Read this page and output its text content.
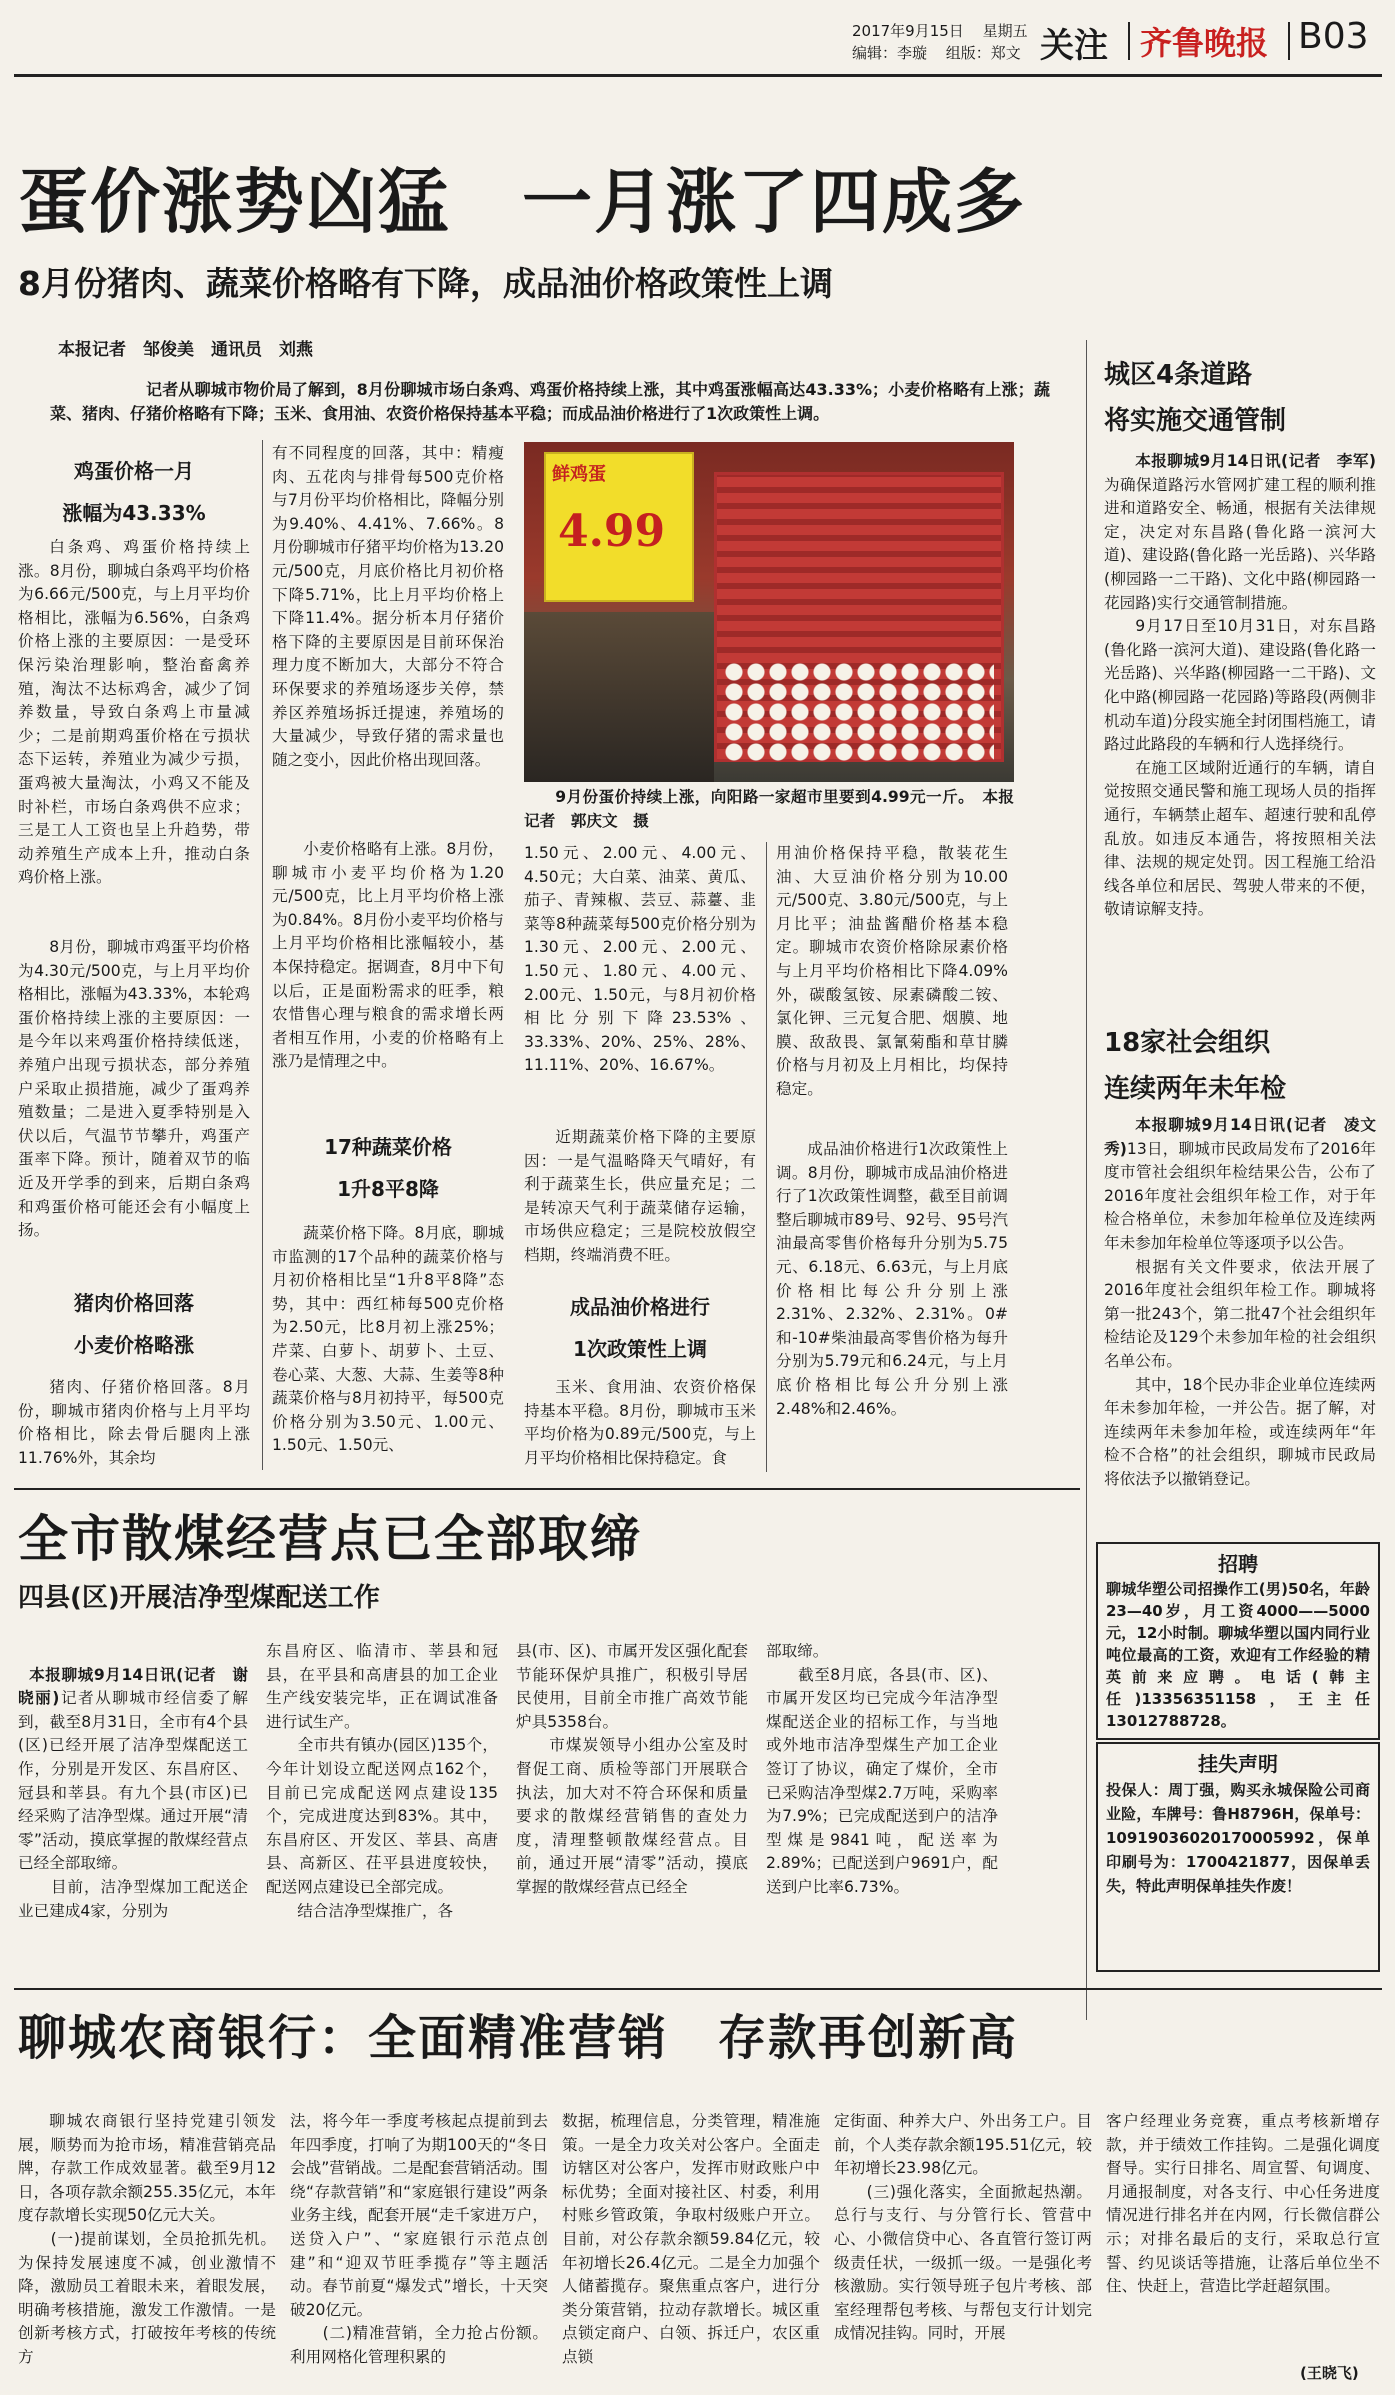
2017年9月15日 星期五
编辑：李璇 组版：郑文 关注 齐鲁晚报 B03
蛋价涨势凶猛　一月涨了四成多
8月份猪肉、蔬菜价格略有下降，成品油价格政策性上调
本报记者　邹俊美　通讯员　刘燕
记者从聊城市物价局了解到，8月份聊城市场白条鸡、鸡蛋价格持续上涨，其中鸡蛋涨幅高达43.33%；小麦价格略有上涨；蔬菜、猪肉、仔猪价格略有下降；玉米、食用油、农资价格保持基本平稳；而成品油价格进行了1次政策性上调。
鸡蛋价格一月
涨幅为43.33%
白条鸡、鸡蛋价格持续上涨。8月份，聊城白条鸡平均价格为6.66元/500克，与上月平均价格相比，涨幅为6.56%，白条鸡价格上涨的主要原因：一是受环保污染治理影响，整治畜禽养殖，淘汰不达标鸡舍，减少了饲养数量，导致白条鸡上市量减少；二是前期鸡蛋价格在亏损状态下运转，养殖业为减少亏损，蛋鸡被大量淘汰，小鸡又不能及时补栏，市场白条鸡供不应求；三是工人工资也呈上升趋势，带动养殖生产成本上升，推动白条鸡价格上涨。
8月份，聊城市鸡蛋平均价格为4.30元/500克，与上月平均价格相比，涨幅为43.33%，本轮鸡蛋价格持续上涨的主要原因：一是今年以来鸡蛋价格持续低迷，养殖户出现亏损状态，部分养殖户采取止损措施，减少了蛋鸡养殖数量；二是进入夏季特别是入伏以后，气温节节攀升，鸡蛋产蛋率下降。预计，随着双节的临近及开学季的到来，后期白条鸡和鸡蛋价格可能还会有小幅度上扬。
猪肉价格回落
小麦价格略涨
猪肉、仔猪价格回落。8月份，聊城市猪肉价格与上月平均价格相比，除去骨后腿肉上涨11.76%外，其余均
有不同程度的回落，其中：精瘦肉、五花肉与排骨每500克价格与7月份平均价格相比，降幅分别为9.40%、4.41%、7.66%。8月份聊城市仔猪平均价格为13.20元/500克，月底价格比月初价格下降5.71%，比上月平均价格上下降11.4%。据分析本月仔猪价格下降的主要原因是目前环保治理力度不断加大，大部分不符合环保要求的养殖场逐步关停，禁养区养殖场拆迁提速，养殖场的大量减少，导致仔猪的需求量也随之变小，因此价格出现回落。
小麦价格略有上涨。8月份，聊城市小麦平均价格为1.20元/500克，比上月平均价格上涨为0.84%。8月份小麦平均价格与上月平均价格相比涨幅较小，基本保持稳定。据调查，8月中下旬以后，正是面粉需求的旺季，粮农惜售心理与粮食的需求增长两者相互作用，小麦的价格略有上涨乃是情理之中。
17种蔬菜价格
1升8平8降
蔬菜价格下降。8月底，聊城市监测的17个品种的蔬菜价格与月初价格相比呈“1升8平8降”态势，其中：西红柿每500克价格为2.50元，比8月初上涨25%；芹菜、白萝卜、胡萝卜、土豆、卷心菜、大葱、大蒜、生姜等8种蔬菜价格与8月初持平，每500克价格分别为3.50元、1.00元、1.50元、1.50元、
鲜鸡蛋
4.99
9月份蛋价持续上涨，向阳路一家超市里要到4.99元一斤。　本报记者　郭庆文　摄
1.50元、2.00元、4.00元、4.50元；大白菜、油菜、黄瓜、茄子、青辣椒、芸豆、蒜薹、韭菜等8种蔬菜每500克价格分别为1.30元、2.00元、2.00元、1.50元、1.80元、4.00元、2.00元、1.50元，与8月初价格相比分别下降23.53%、33.33%、20%、25%、28%、11.11%、20%、16.67%。
近期蔬菜价格下降的主要原因：一是气温略降天气晴好，有利于蔬菜生长，供应量充足；二是转凉天气利于蔬菜储存运输，市场供应稳定；三是院校放假空档期，终端消费不旺。
成品油价格进行
1次政策性上调
玉米、食用油、农资价格保持基本平稳。8月份，聊城市玉米平均价格为0.89元/500克，与上月平均价格相比保持稳定。食
用油价格保持平稳，散装花生油、大豆油价格分别为10.00元/500克、3.80元/500克，与上月比平；油盐酱醋价格基本稳定。聊城市农资价格除尿素价格与上月平均价格相比下降4.09%外，碳酸氢铵、尿素磷酸二铵、氯化钾、三元复合肥、烟膜、地膜、敌敌畏、氯氰菊酯和草甘膦价格与月初及上月相比，均保持稳定。
成品油价格进行1次政策性上调。8月份，聊城市成品油价格进行了1次政策性调整，截至目前调整后聊城市89号、92号、95号汽油最高零售价格每升分别为5.75元、6.18元、6.63元，与上月底价格相比每公升分别上涨2.31%、2.32%、2.31%。0#和-10#柴油最高零售价格为每升分别为5.79元和6.24元，与上月底价格相比每公升分别上涨2.48%和2.46%。
城区4条道路
将实施交通管制

本报聊城9月14日讯(记者　李军)为确保道路污水管网扩建工程的顺利推进和道路安全、畅通，根据有关法律规定，决定对东昌路(鲁化路一滨河大道)、建设路(鲁化路一光岳路)、兴华路(柳园路一二干路)、文化中路(柳园路一花园路)实行交通管制措施。

9月17日至10月31日，对东昌路(鲁化路一滨河大道)、建设路(鲁化路一光岳路)、兴华路(柳园路一二干路)、文化中路(柳园路一花园路)等路段(两侧非机动车道)分段实施全封闭围档施工，请路过此路段的车辆和行人选择绕行。

在施工区域附近通行的车辆，请自觉按照交通民警和施工现场人员的指挥通行，车辆禁止超车、超速行驶和乱停乱放。如违反本通告，将按照相关法律、法规的规定处罚。因工程施工给沿线各单位和居民、驾驶人带来的不便，敬请谅解支持。

18家社会组织
连续两年未年检

本报聊城9月14日讯(记者　凌文秀)13日，聊城市民政局发布了2016年度市管社会组织年检结果公告，公布了2016年度社会组织年检工作，对于年检合格单位，未参加年检单位及连续两年未参加年检单位等逐项予以公告。

根据有关文件要求，依法开展了2016年度社会组织年检工作。聊城将第一批243个，第二批47个社会组织年检结论及129个未参加年检的社会组织名单公布。

其中，18个民办非企业单位连续两年未参加年检，一并公告。据了解，对连续两年未参加年检，或连续两年“年检不合格”的社会组织，聊城市民政局将依法予以撤销登记。

招聘
聊城华塑公司招操作工(男)50名，年龄23—40岁，月工资4000——5000元，12小时制。聊城华塑以国内同行业吨位最高的工资，欢迎有工作经验的精英前来应聘。电话(韩主任)13356351158，王主任13012788728。
挂失声明
投保人：周丁强，购买永城保险公司商业险，车牌号：鲁H8796H，保单号：109190360201700059​92，保单印刷号为：1700421877，因保单丢失，特此声明保单挂失作废！
全市散煤经营点已全部取缔
四县(区)开展洁净型煤配送工作

本报聊城9月14日讯(记者　谢晓丽)记者从聊城市经信委了解到，截至8月31日，全市有4个县(区)已经开展了洁净型煤配送工作，分别是开发区、东昌府区、冠县和莘县。有九个县(市区)已经采购了洁净型煤。通过开展“清零”活动，摸底掌握的散煤经营点已经全部取缔。
　　目前，洁净型煤加工配送企业已建成4家，分别为

东昌府区、临清市、莘县和冠县，在平县和高唐县的加工企业生产线安装完毕，正在调试准备进行试生产。
　　全市共有镇办(园区)135个，今年计划设立配送网点162个，目前已完成配送网点建设135个，完成进度达到83%。其中，东昌府区、开发区、莘县、高唐县、高新区、茌平县进度较快，配送网点建设已全部完成。
　　结合洁净型煤推广，各
县(市、区)、市属开发区强化配套节能环保炉具推广，积极引导居民使用，目前全市推广高效节能炉具5358台。
　　市煤炭领导小组办公室及时督促工商、质检等部门开展联合执法，加大对不符合环保和质量要求的散煤经营销售的查处力度，清理整顿散煤经营点。目前，通过开展“清零”活动，摸底掌握的散煤经营点已经全
部取缔。
　　截至8月底，各县(市、区)、市属开发区均已完成今年洁净型煤配送企业的招标工作，与当地或外地市洁净型煤生产加工企业签订了协议，确定了煤价，全市已采购洁净型煤2.7万吨，采购率为7.9%；已完成配送到户的洁净型煤是9841吨，配送率为2.89%；已配送到户9691户，配送到户比率6.73%。
聊城农商银行：全面精准营销　存款再创新高
聊城农商银行坚持党建引领发展，顺势而为抢市场，精准营销亮品牌，存款工作成效显著。截至9月12日，各项存款余额255.35亿元，本年度存款增长实现50亿元大关。
　　(一)提前谋划，全员抢抓先机。为保持发展速度不减，创业激情不降，激励员工着眼未来，着眼发展，明确考核措施，激发工作激情。一是创新考核方式，打破按年考核的传统方
法，将今年一季度考核起点提前到去年四季度，打响了为期100天的“冬日会战”营销战。二是配套营销活动。围绕“存款营销”和“家庭银行建设”两条业务主线，配套开展“走千家进万户，送贷入户”、“家庭银行示范点创建”和“迎双节旺季揽存”等主题活动。春节前夏“爆发式”增长，十天突破20亿元。
　　(二)精准营销，全力抢占份额。利用网格化管理积累的
数据，梳理信息，分类管理，精准施策。一是全力攻关对公客户。全面走访辖区对公客户，发挥市财政账户中标优势；全面对接社区、村委，利用村账乡管政策，争取村级账户开立。目前，对公存款余额59.84亿元，较年初增长26.4亿元。二是全力加强个人储蓄揽存。聚焦重点客户，进行分类分策营销，拉动存款增长。城区重点锁定商户、白领、拆迁户，农区重点锁
定街面、种养大户、外出务工户。目前，个人类存款余额195.51亿元，较年初增长23.98亿元。
　　(三)强化落实，全面掀起热潮。总行与支行、与分管行长、管营中心、小微信贷中心、各直管行签订两级责任状，一级抓一级。一是强化考核激励。实行领导班子包片考核、部室经理帮包考核、与帮包支行计划完成情况挂钩。同时，开展
客户经理业务竞赛，重点考核新增存款，并于绩效工作挂钩。二是强化调度督导。实行日排名、周宣誓、旬调度、月通报制度，对各支行、中心任务进度情况进行排名并在内网，行长微信群公示；对排名最后的支行，采取总行宣誓、约见谈话等措施，让落后单位坐不住、快赶上，营造比学赶超氛围。
(王晓飞)
